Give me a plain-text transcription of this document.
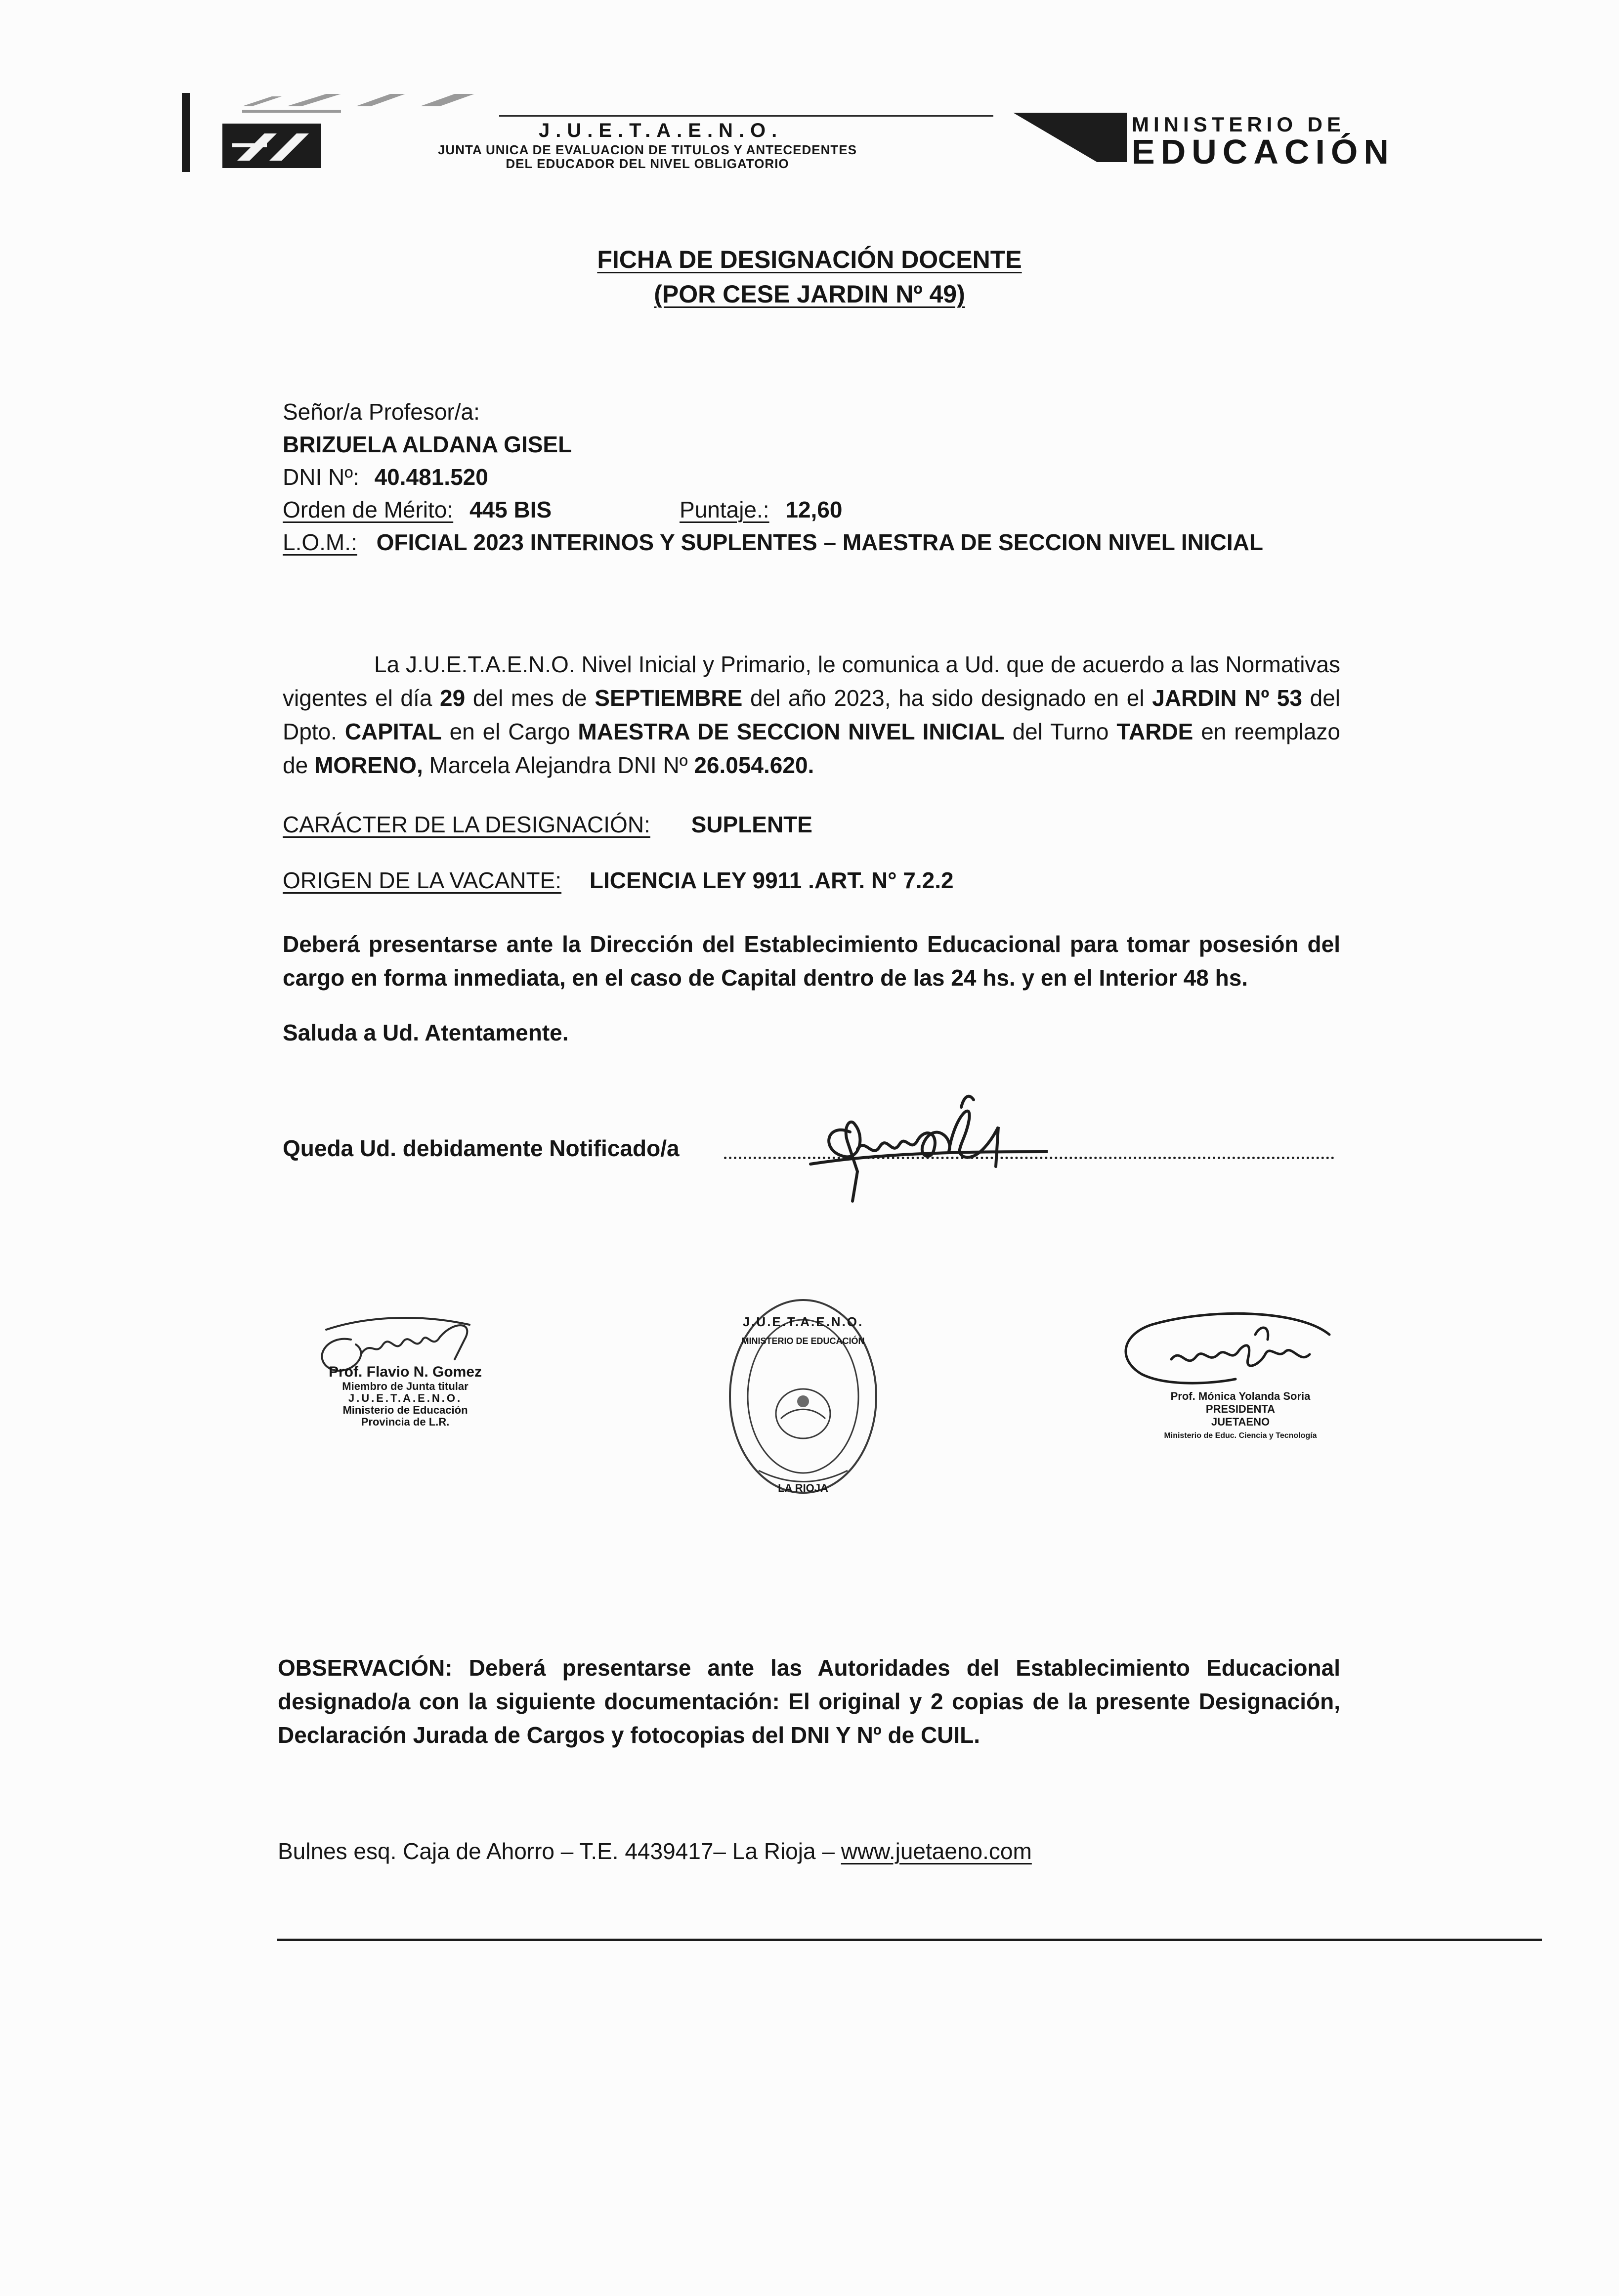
J.U.E.T.A.E.N.O.
JUNTA UNICA DE EVALUACION DE TITULOS Y ANTECEDENTES
DEL EDUCADOR DEL NIVEL OBLIGATORIO
MINISTERIO DE
EDUCACIÓN
FICHA DE DESIGNACIÓN DOCENTE
(POR CESE JARDIN Nº 49)
Señor/a Profesor/a:
BRIZUELA ALDANA GISEL
DNI Nº: 40.481.520
Orden de Mérito: 445 BIS	Puntaje.: 12,60
L.O.M.: OFICIAL 2023 INTERINOS Y SUPLENTES – MAESTRA DE SECCION NIVEL INICIAL
La J.U.E.T.A.E.N.O. Nivel Inicial y Primario, le comunica a Ud. que de acuerdo a las Normativas vigentes el día 29 del mes de SEPTIEMBRE del año 2023, ha sido designado en el JARDIN Nº 53 del Dpto. CAPITAL en el Cargo MAESTRA DE SECCION NIVEL INICIAL del Turno TARDE en reemplazo de MORENO, Marcela Alejandra DNI Nº 26.054.620.
CARÁCTER DE LA DESIGNACIÓN: SUPLENTE
ORIGEN DE LA VACANTE: LICENCIA LEY 9911 .ART. N° 7.2.2
Deberá presentarse ante la Dirección del Establecimiento Educacional para tomar posesión del cargo en forma inmediata, en el caso de Capital dentro de las 24 hs. y en el Interior 48 hs.
Saluda a Ud. Atentamente.
Queda Ud. debidamente Notificado/a
Prof. Flavio N. Gomez
Miembro de Junta titular
J.U.E.T.A.E.N.O.
Ministerio de Educación
Provincia de L.R.
J.U.E.T.A.E.N.O.
MINISTERIO DE EDUCACIÓN
LA RIOJA
Prof. Mónica Yolanda Soria
PRESIDENTA
JUETAENO
Ministerio de Educ. Ciencia y Tecnología
OBSERVACIÓN: Deberá presentarse ante las Autoridades del Establecimiento Educacional designado/a con la siguiente documentación: El original y 2 copias de la presente Designación, Declaración Jurada de Cargos y fotocopias del DNI Y Nº de CUIL.
Bulnes esq. Caja de Ahorro – T.E. 4439417– La Rioja – www.juetaeno.com
